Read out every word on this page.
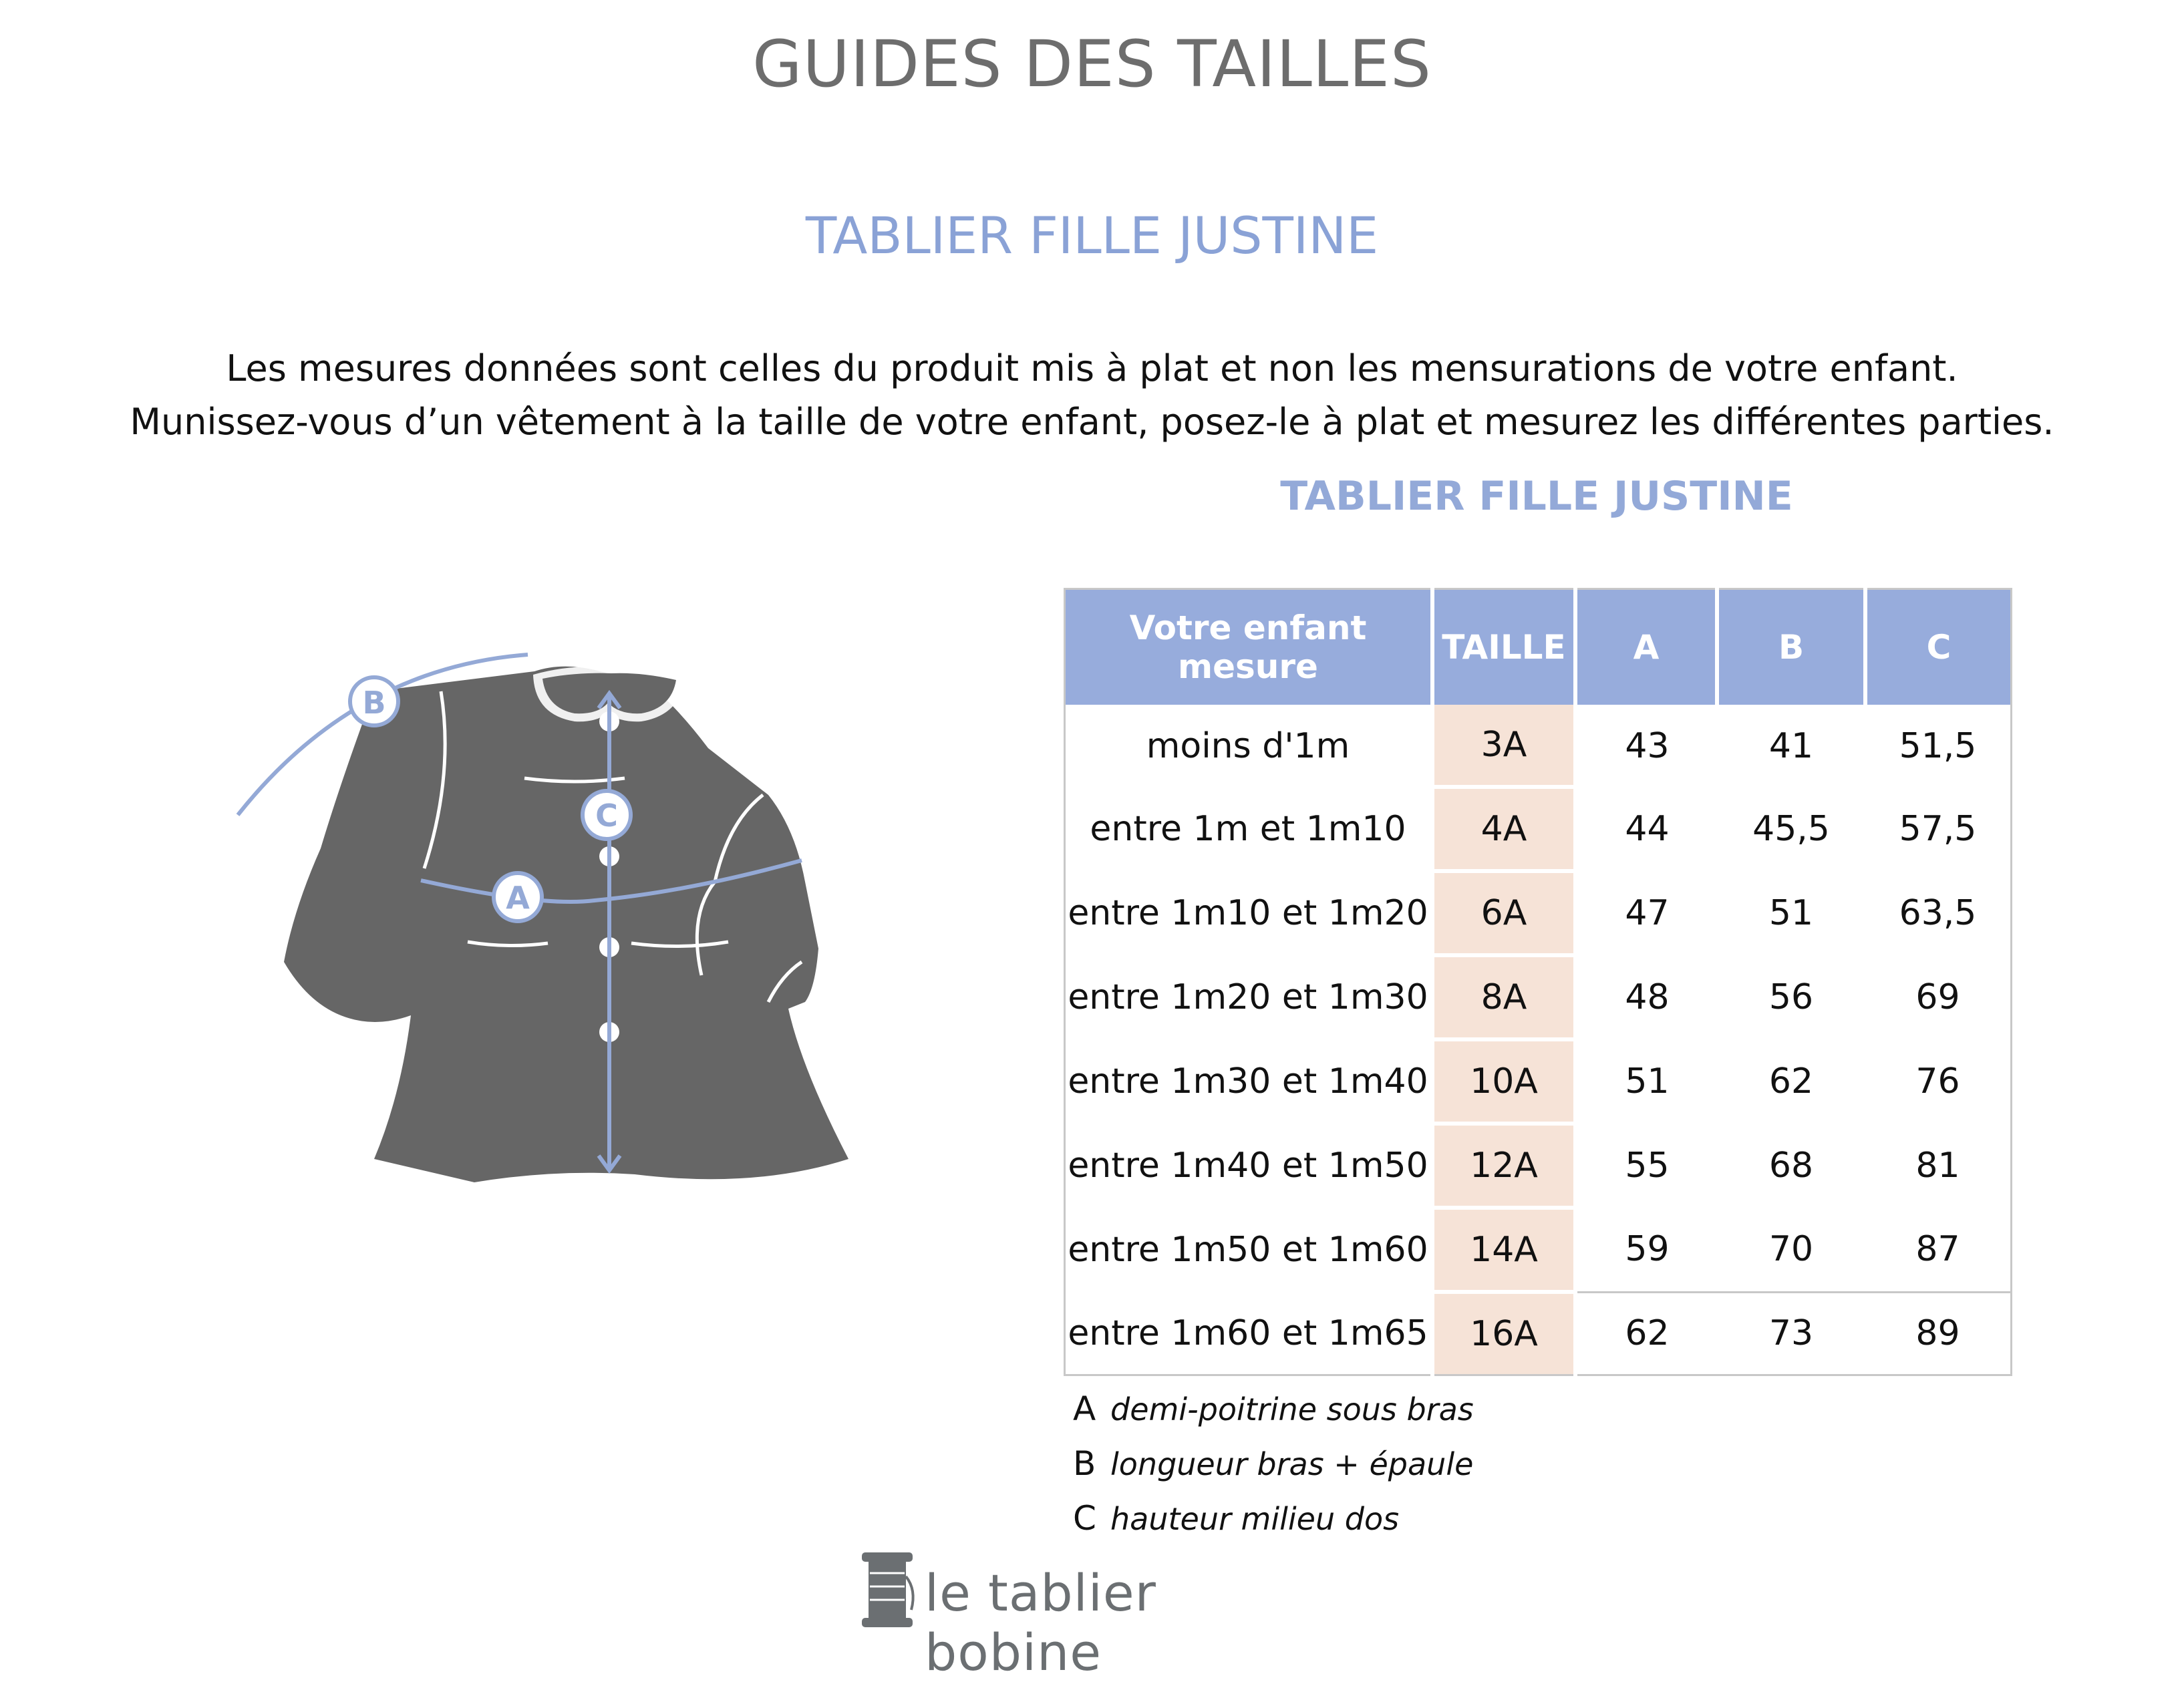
GUIDES DES TAILLES
TABLIER FILLE JUSTINE
Les mesures données sont celles du produit mis à plat et non les mensurations de votre enfant.
Munissez-vous d’un vêtement à la taille de votre enfant, posez-le à plat et mesurez les différentes parties.
B
A
C
TABLIER FILLE JUSTINE
Votre enfant mesure	TAILLE	A	B	C
moins d'1m	3A	43	41	51,5
entre 1m et 1m10	4A	44	45,5	57,5
entre 1m10 et 1m20	6A	47	51	63,5
entre 1m20 et 1m30	8A	48	56	69
entre 1m30 et 1m40	10A	51	62	76
entre 1m40 et 1m50	12A	55	68	81
entre 1m50 et 1m60	14A	59	70	87
entre 1m60 et 1m65	16A	62	73	89
A demi-poitrine sous bras
B longueur bras + épaule
C hauteur milieu dos
le tablier bobine
